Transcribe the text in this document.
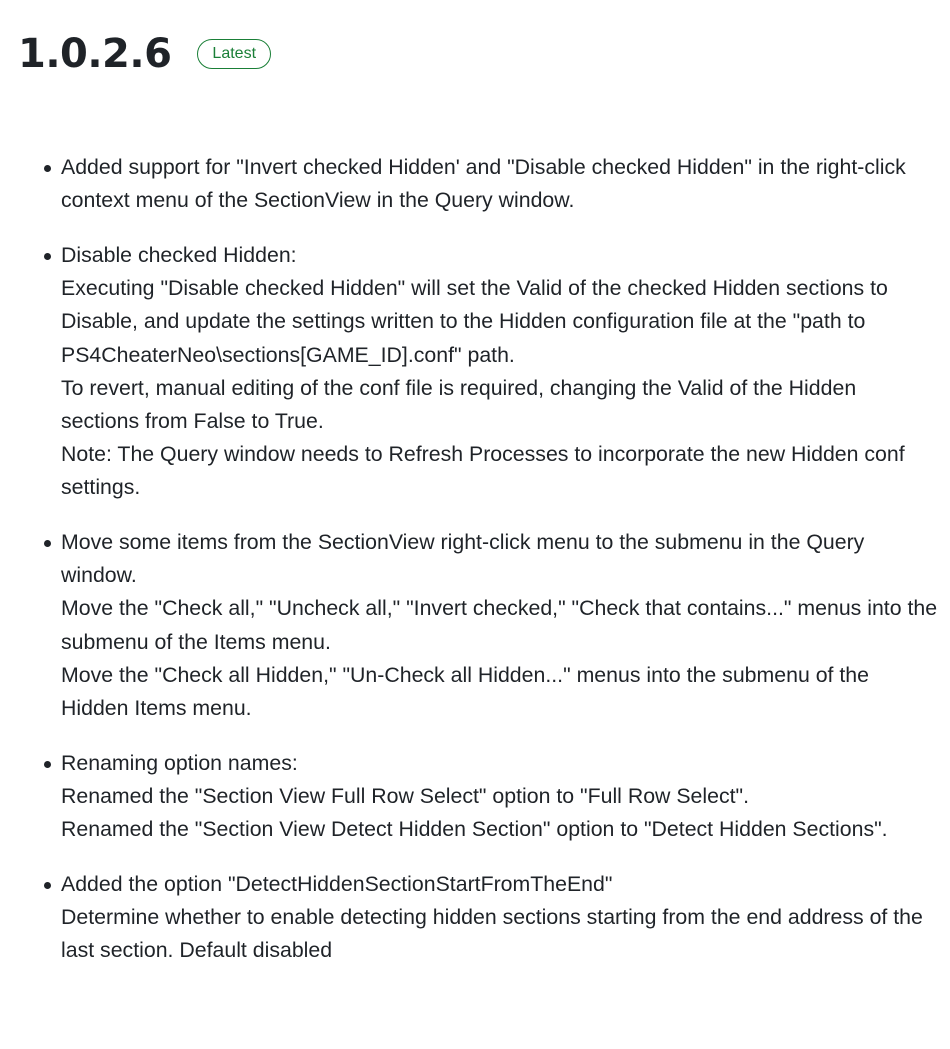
1.0.2.6	Latest
Added support for "Invert checked Hidden' and "Disable checked Hidden" in the right-click context menu of the SectionView in the Query window.
Disable checked Hidden:
Executing "Disable checked Hidden" will set the Valid of the checked Hidden sections to Disable, and update the settings written to the Hidden configuration file at the "path to PS4CheaterNeo\sections[GAME_ID].conf" path.
To revert, manual editing of the conf file is required, changing the Valid of the Hidden sections from False to True.
Note: The Query window needs to Refresh Processes to incorporate the new Hidden conf settings.
Move some items from the SectionView right-click menu to the submenu in the Query window.
Move the "Check all," "Uncheck all," "Invert checked," "Check that contains..." menus into the submenu of the Items menu.
Move the "Check all Hidden," "Un-Check all Hidden..." menus into the submenu of the Hidden Items menu.
Renaming option names:
Renamed the "Section View Full Row Select" option to "Full Row Select".
Renamed the "Section View Detect Hidden Section" option to "Detect Hidden Sections".
Added the option "DetectHiddenSectionStartFromTheEnd"
Determine whether to enable detecting hidden sections starting from the end address of the last section. Default disabled
